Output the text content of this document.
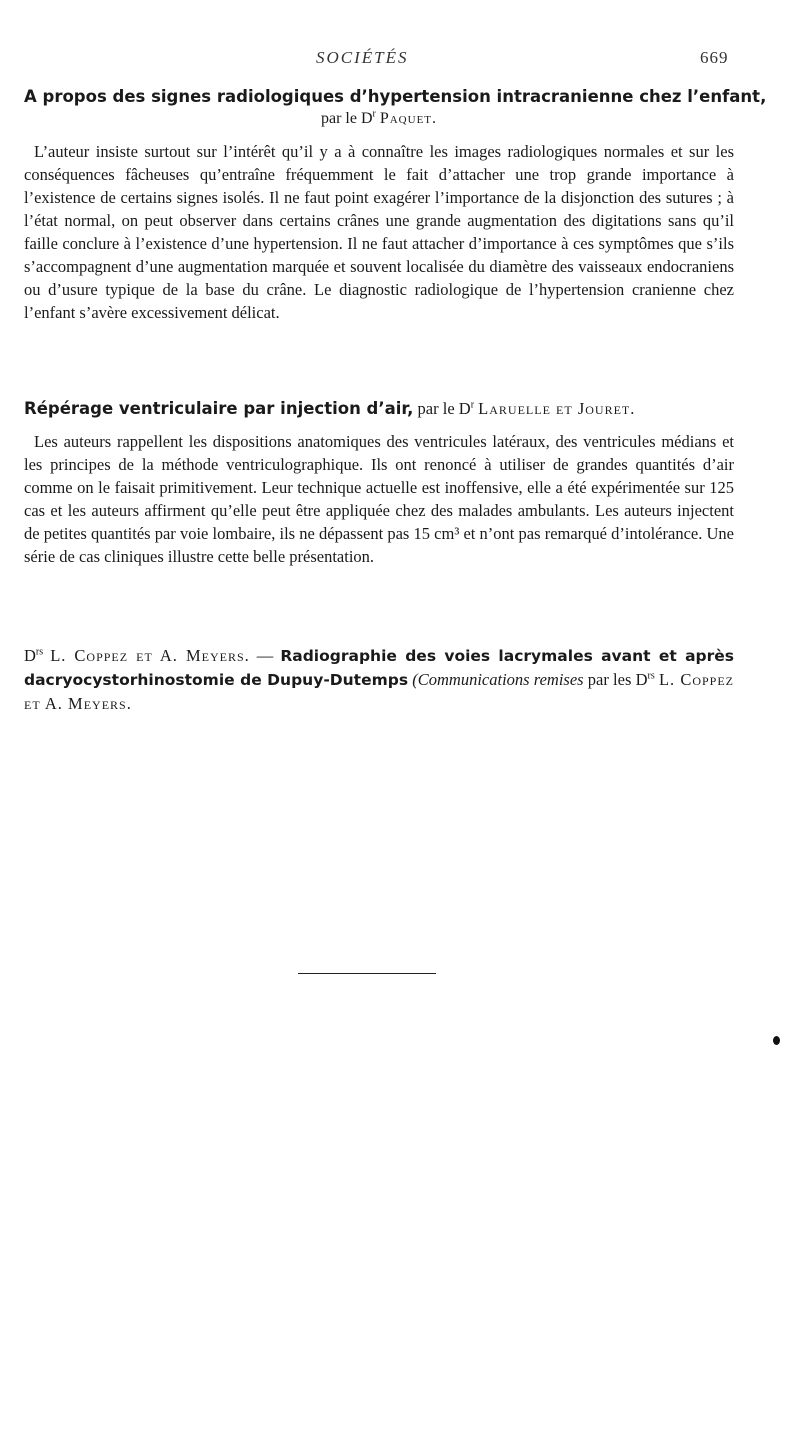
SOCIÉTÉS	669
A propos des signes radiologiques d’hypertension intracranienne chez l’enfant,
par le $D^r$ Paquet.

L’auteur insiste surtout sur l’intérêt qu’il y a à connaître les images radiologiques normales et sur les conséquences fâcheuses qu’entraîne fréquemment le fait d’attacher une trop grande importance à l’existence de certains signes isolés. Il ne faut point exagérer l’importance de la disjonction des sutures ; à l’état normal, on peut observer dans certains crânes une grande augmentation des digitations sans qu’il faille conclure à l’existence d’une hypertension. Il ne faut attacher d’importance à ces symptômes que s’ils s’accompagnent d’une augmentation marquée et souvent localisée du diamètre des vaisseaux endocraniens ou d’usure typique de la base du crâne. Le diagnostic radiologique de l’hypertension cranienne chez l’enfant s’avère excessivement délicat.

Répérage ventriculaire par injection d’air, par le $D^r$ Laruelle et Jouret.

Les auteurs rappellent les dispositions anatomiques des ventricules latéraux, des ventricules médians et les principes de la méthode ventriculographique. Ils ont renoncé à utiliser de grandes quantités d’air comme on le faisait primitivement. Leur technique actuelle est inoffensive, elle a été expérimentée sur 125 cas et les auteurs affirment qu’elle peut être appliquée chez des malades ambulants. Les auteurs injectent de petites quantités par voie lombaire, ils ne dépassent pas 15 cm³ et n’ont pas remarqué d’intolérance. Une série de cas cliniques illustre cette belle présentation.

$D^{rs}$ L. Coppez et A. Meyers. — Radiographie des voies lacrymales avant et après dacryocystorhinostomie de Dupuy-Dutemps (Communications remises par les $D^{rs}$ L. Coppez et A. Meyers.
